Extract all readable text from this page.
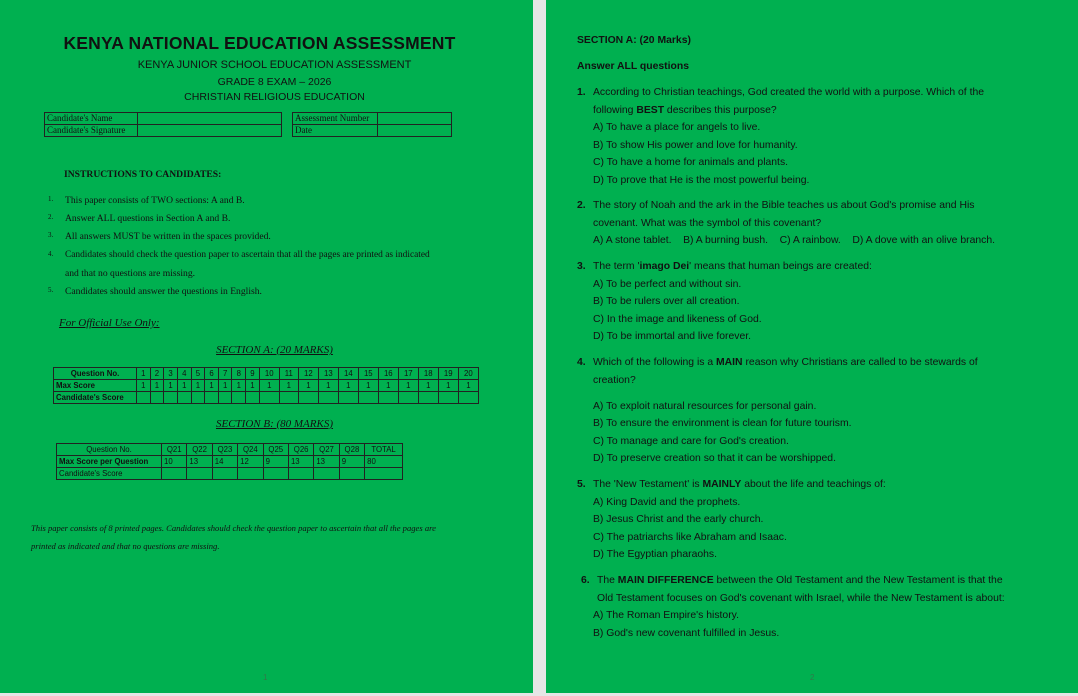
KENYA NATIONAL EDUCATION ASSESSMENT
KENYA JUNIOR SCHOOL EDUCATION ASSESSMENT
GRADE 8 EXAM – 2026
CHRISTIAN RELIGIOUS EDUCATION
Candidate's Name	
Candidate's Signature	
Assessment Number	
Date	
INSTRUCTIONS TO CANDIDATES:
1. This paper consists of TWO sections: A and B.
2. Answer ALL questions in Section A and B.
3. All answers MUST be written in the spaces provided.
4. Candidates should check the question paper to ascertain that all the pages are printed as indicated
and that no questions are missing.
5. Candidates should answer the questions in English.
For Official Use Only:
SECTION A: (20 MARKS)
Question No.	1	2	3	4	5	6	7	8	9	10	11	12	13	14	15	16	17	18	19	20
Max Score	1	1	1	1	1	1	1	1	1	1	1	1	1	1	1	1	1	1	1	1
Candidate's Score																				
SECTION B: (80 MARKS)
Question No.	Q21	Q22	Q23	Q24	Q25	Q26	Q27	Q28	TOTAL
Max Score per Question	10	13	14	12	9	13	13	9	80
Candidate's Score									
This paper consists of 8 printed pages. Candidates should check the question paper to ascertain that all the pages are
printed as indicated and that no questions are missing.
1
SECTION A: (20 Marks)
Answer ALL questions
1. According to Christian teachings, God created the world with a purpose. Which of the
following BEST describes this purpose?
A) To have a place for angels to live.
B) To show His power and love for humanity.
C) To have a home for animals and plants.
D) To prove that He is the most powerful being.
2. The story of Noah and the ark in the Bible teaches us about God's promise and His
covenant. What was the symbol of this covenant?
A) A stone tablet.    B) A burning bush.    C) A rainbow.    D) A dove with an olive branch.
3. The term 'imago Dei' means that human beings are created:
A) To be perfect and without sin.
B) To be rulers over all creation.
C) In the image and likeness of God.
D) To be immortal and live forever.
4. Which of the following is a MAIN reason why Christians are called to be stewards of
creation?
A) To exploit natural resources for personal gain.
B) To ensure the environment is clean for future tourism.
C) To manage and care for God's creation.
D) To preserve creation so that it can be worshipped.
5. The 'New Testament' is MAINLY about the life and teachings of:
A) King David and the prophets.
B) Jesus Christ and the early church.
C) The patriarchs like Abraham and Isaac.
D) The Egyptian pharaohs.
6. The MAIN DIFFERENCE between the Old Testament and the New Testament is that the
Old Testament focuses on God's covenant with Israel, while the New Testament is about:
A) The Roman Empire's history.
B) God's new covenant fulfilled in Jesus.
2
